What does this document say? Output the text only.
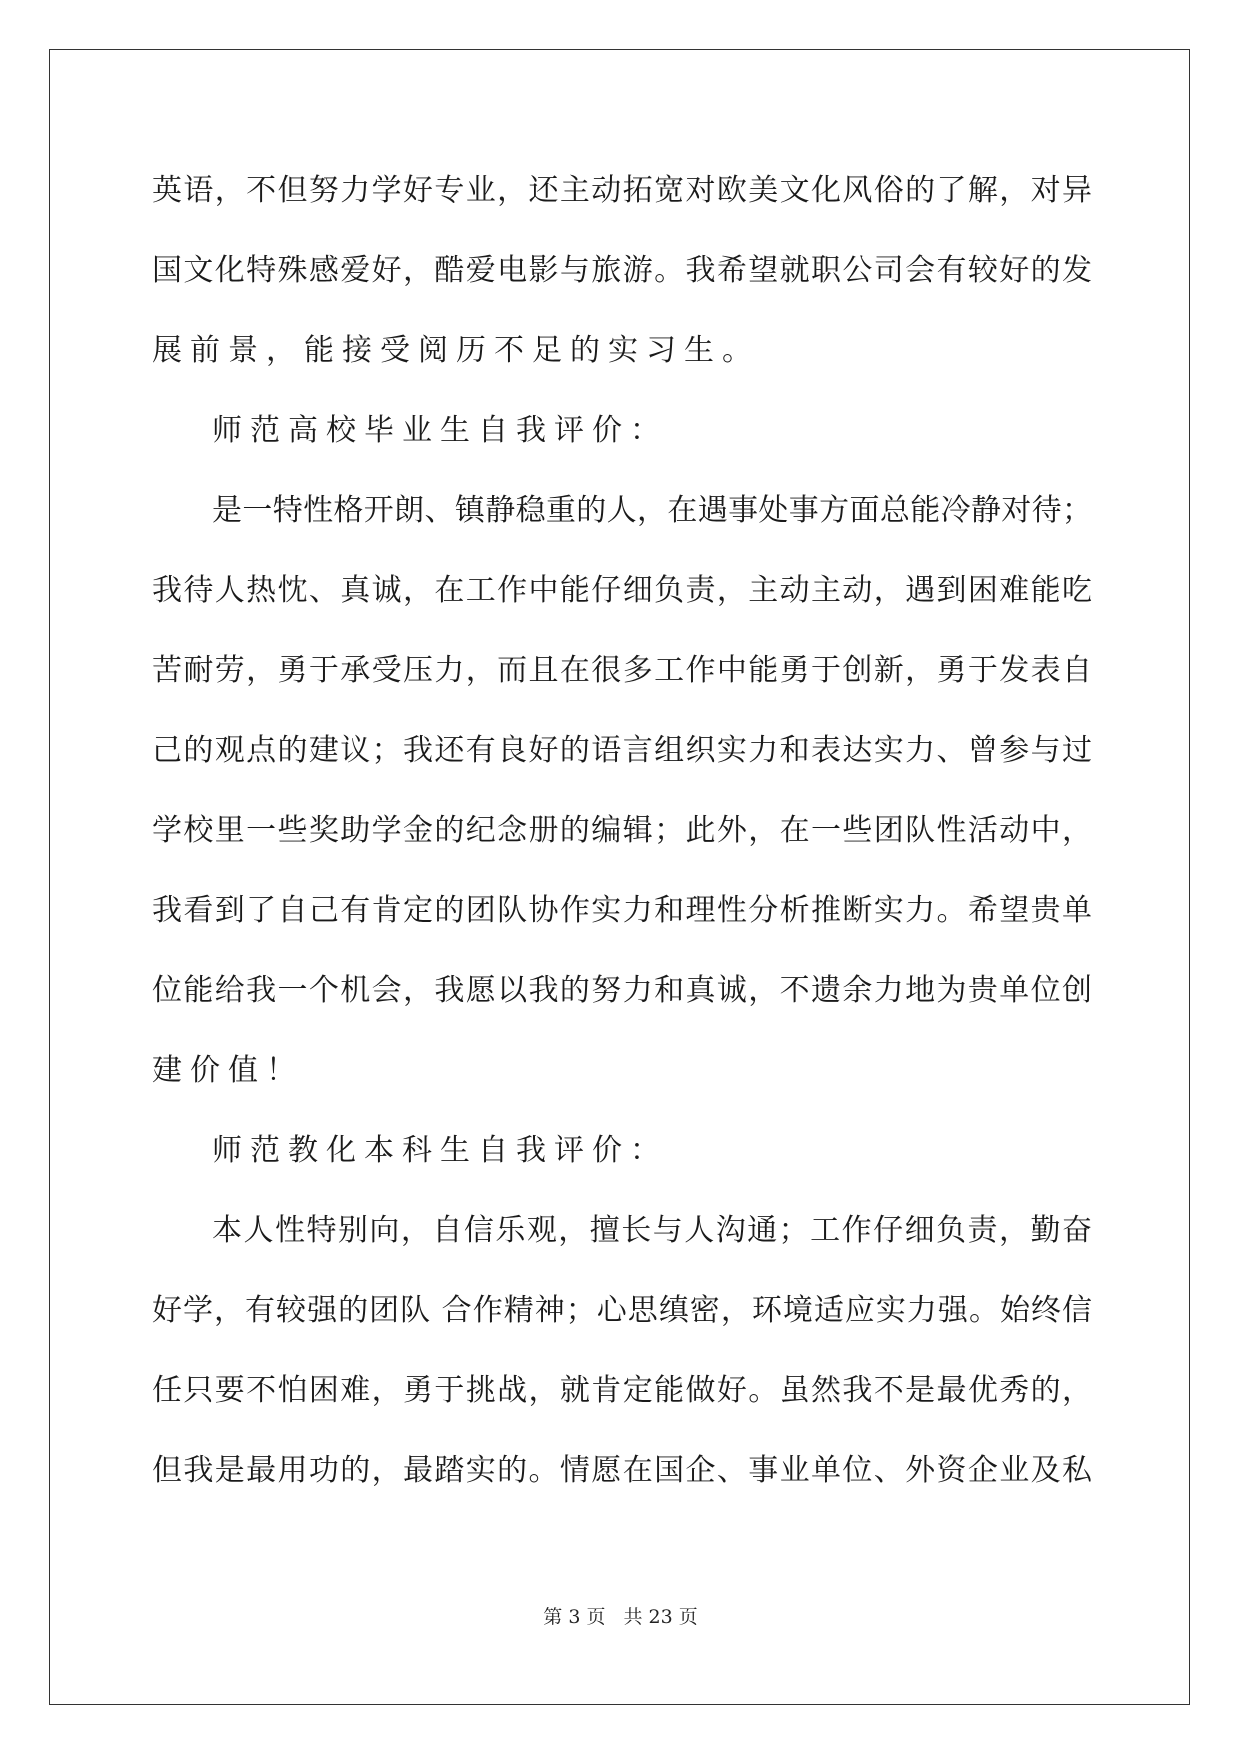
英语，不但努力学好专业，还主动拓宽对欧美文化风俗的了解，对异
国文化特殊感爱好，酷爱电影与旅游。我希望就职公司会有较好的发
展前景，能接受阅历不足的实习生。
师范高校毕业生自我评价：
是一特性格开朗、镇静稳重的人，在遇事处事方面总能冷静对待；
我待人热忱、真诚，在工作中能仔细负责，主动主动，遇到困难能吃
苦耐劳，勇于承受压力，而且在很多工作中能勇于创新，勇于发表自
己的观点的建议；我还有良好的语言组织实力和表达实力、曾参与过
学校里一些奖助学金的纪念册的编辑；此外，在一些团队性活动中，
我看到了自己有肯定的团队协作实力和理性分析推断实力。希望贵单
位能给我一个机会，我愿以我的努力和真诚，不遗余力地为贵单位创
建价值！
师范教化本科生自我评价：
本人性特别向，自信乐观，擅长与人沟通；工作仔细负责，勤奋
好学，有较强的团队 合作精神；心思缜密，环境适应实力强。始终信
任只要不怕困难，勇于挑战，就肯定能做好。虽然我不是最优秀的，
但我是最用功的，最踏实的。情愿在国企、事业单位、外资企业及私
第 3 页 共 23 页
